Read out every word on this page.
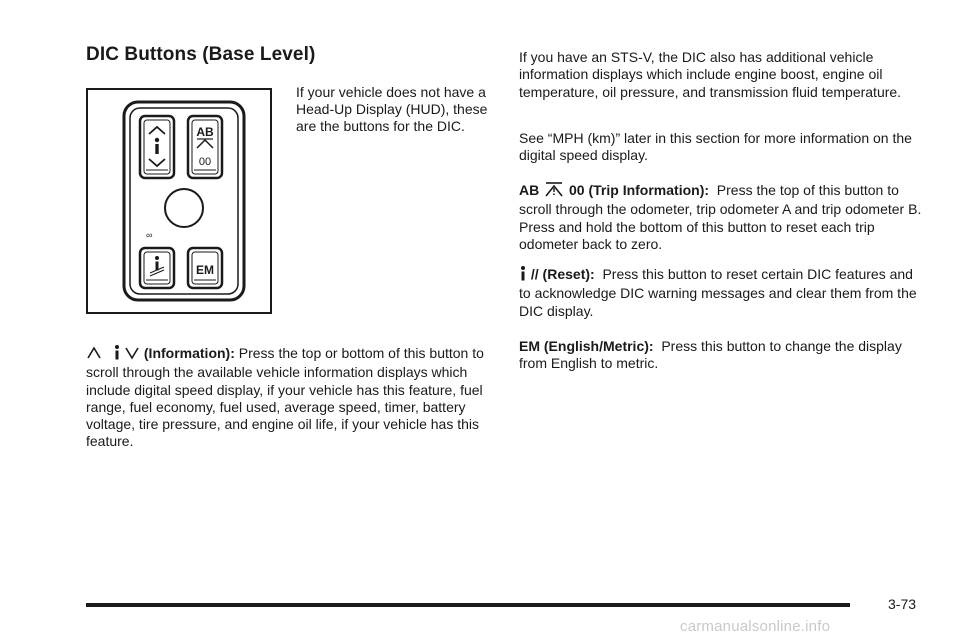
DIC Buttons (Base Level)
AB
00
∞
EM
If your vehicle does not have a Head-Up Display (HUD), these are the buttons for the DIC.

(Information): Press the top or bottom of this button to scroll through the available vehicle information displays which include digital speed display, if your vehicle has this feature, fuel range, fuel economy, fuel used, average speed, timer, battery voltage, tire pressure, and engine oil life, if your vehicle has this feature.

If you have an STS-V, the DIC also has additional vehicle information displays which include engine boost, engine oil temperature, oil pressure, and transmission fluid temperature.

See “MPH (km)” later in this section for more information on the digital speed display.

AB 00 (Trip Information): Press the top of this button to scroll through the odometer, trip odometer A and trip odometer B. Press and hold the bottom of this button to reset each trip odometer back to zero.

// (Reset): Press this button to reset certain DIC features and to acknowledge DIC warning messages and clear them from the DIC display.

EM (English/Metric): Press this button to change the display from English to metric.

3-73
carmanualsonline.info
